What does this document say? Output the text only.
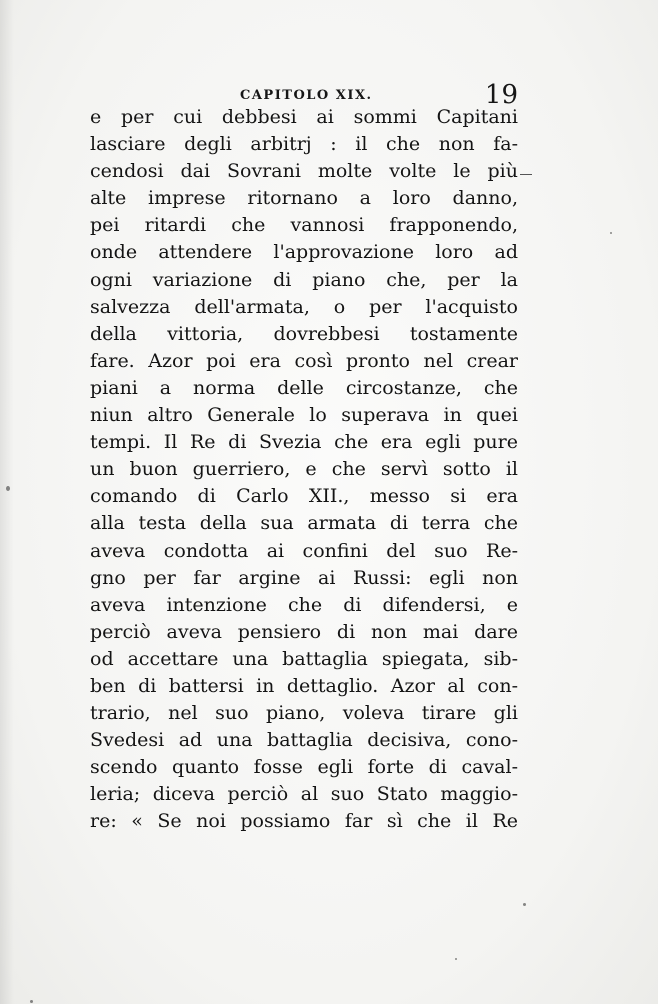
CAPITOLO XIX.	19
e per cui debbesi ai sommi Capitani
lasciare degli arbitrj : il che non fa-
cendosi dai Sovrani molte volte le più
alte imprese ritornano a loro danno,
pei ritardi che vannosi frapponendo,
onde attendere l'approvazione loro ad
ogni variazione di piano che, per la
salvezza dell'armata, o per l'acquisto
della vittoria, dovrebbesi tostamente
fare. Azor poi era così pronto nel crear
piani a norma delle circostanze, che
niun altro Generale lo superava in quei
tempi. Il Re di Svezia che era egli pure
un buon guerriero, e che servì sotto il
comando di Carlo XII., messo si era
alla testa della sua armata di terra che
aveva condotta ai confini del suo Re-
gno per far argine ai Russi: egli non
aveva intenzione che di difendersi, e
perciò aveva pensiero di non mai dare
od accettare una battaglia spiegata, sib-
ben di battersi in dettaglio. Azor al con-
trario, nel suo piano, voleva tirare gli
Svedesi ad una battaglia decisiva, cono-
scendo quanto fosse egli forte di caval-
leria; diceva perciò al suo Stato maggio-
re: « Se noi possiamo far sì che il Re
